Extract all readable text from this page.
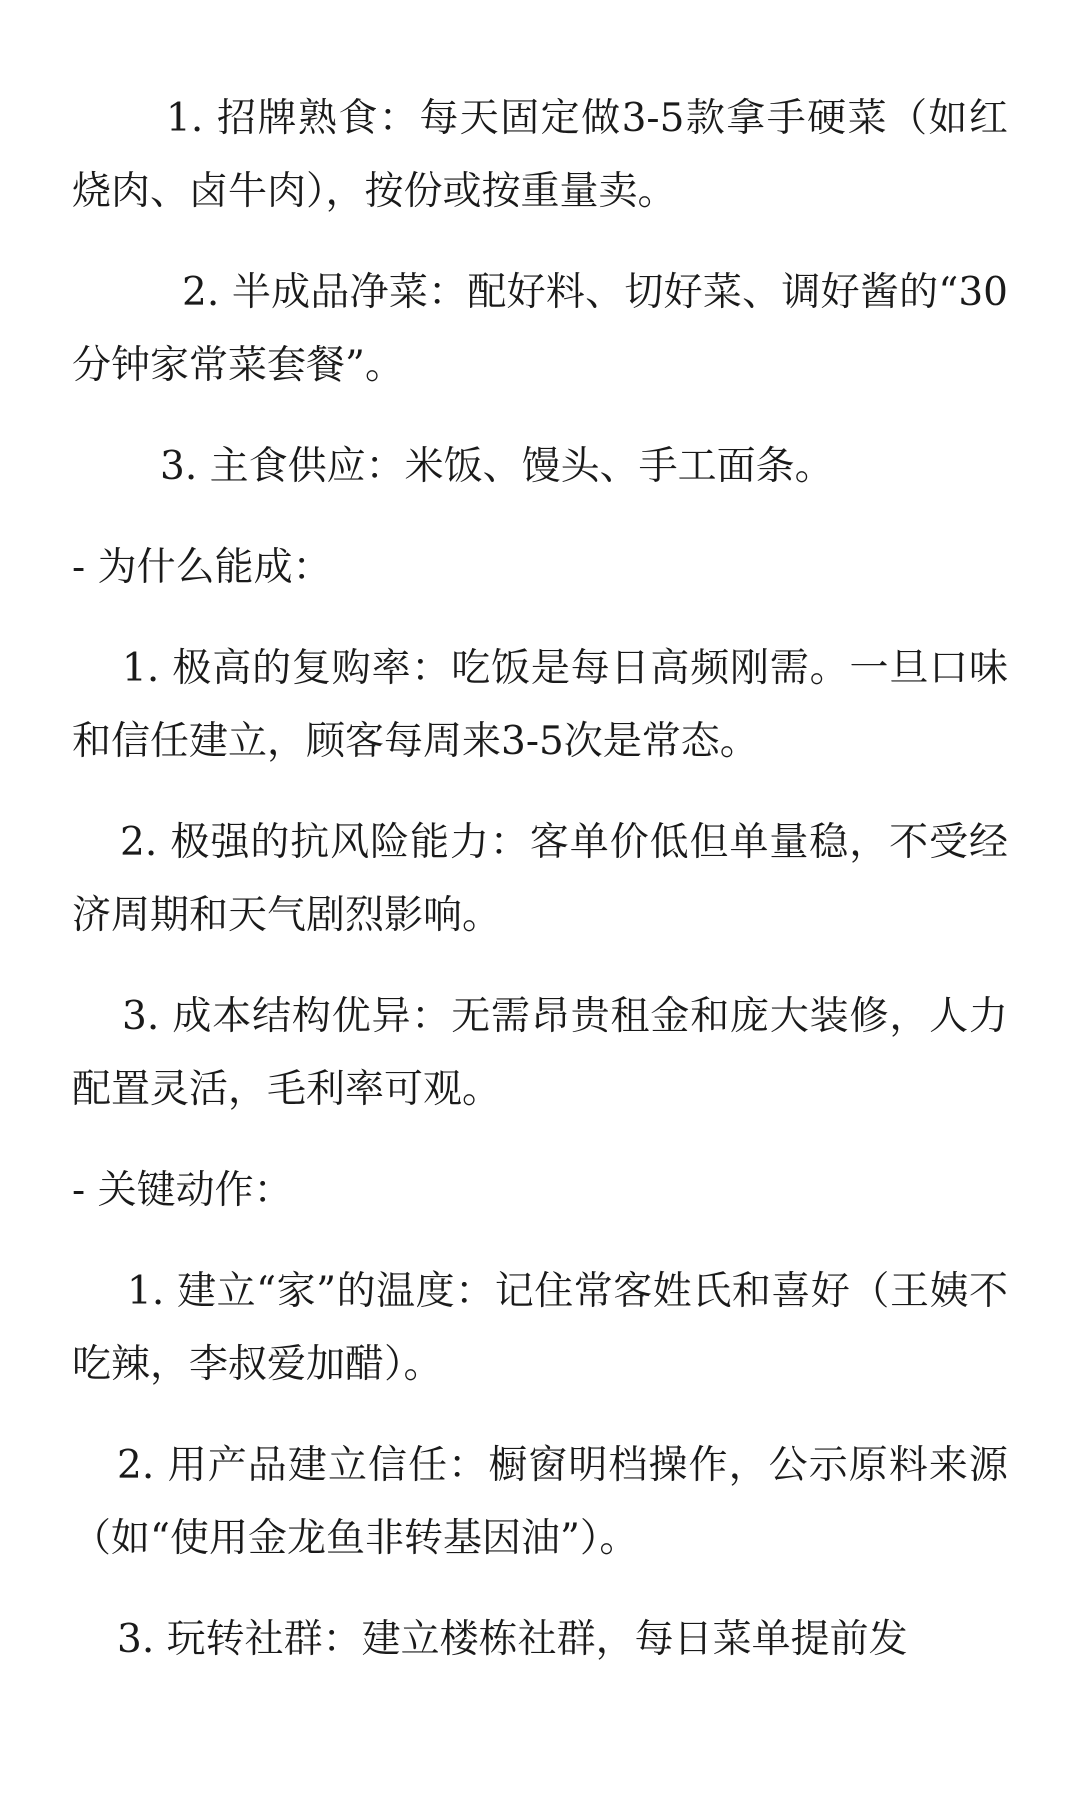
1. 招牌熟食：每天固定做3-5款拿手硬菜（如红烧肉、卤牛肉），按份或按重量卖。

2. 半成品净菜：配好料、切好菜、调好酱的“30分钟家常菜套餐”。

3. 主食供应：米饭、馒头、手工面条。

- 为什么能成：

1. 极高的复购率：吃饭是每日高频刚需。一旦口味和信任建立，顾客每周来3-5次是常态。

2. 极强的抗风险能力：客单价低但单量稳，不受经济周期和天气剧烈影响。

3. 成本结构优异：无需昂贵租金和庞大装修，人力配置灵活，毛利率可观。

- 关键动作：

1. 建立“家”的温度：记住常客姓氏和喜好（王姨不吃辣，李叔爱加醋）。

2. 用产品建立信任：橱窗明档操作，公示原料来源（如“使用金龙鱼非转基因油”）。

3. 玩转社群：建立楼栋社群，每日菜单提前发
